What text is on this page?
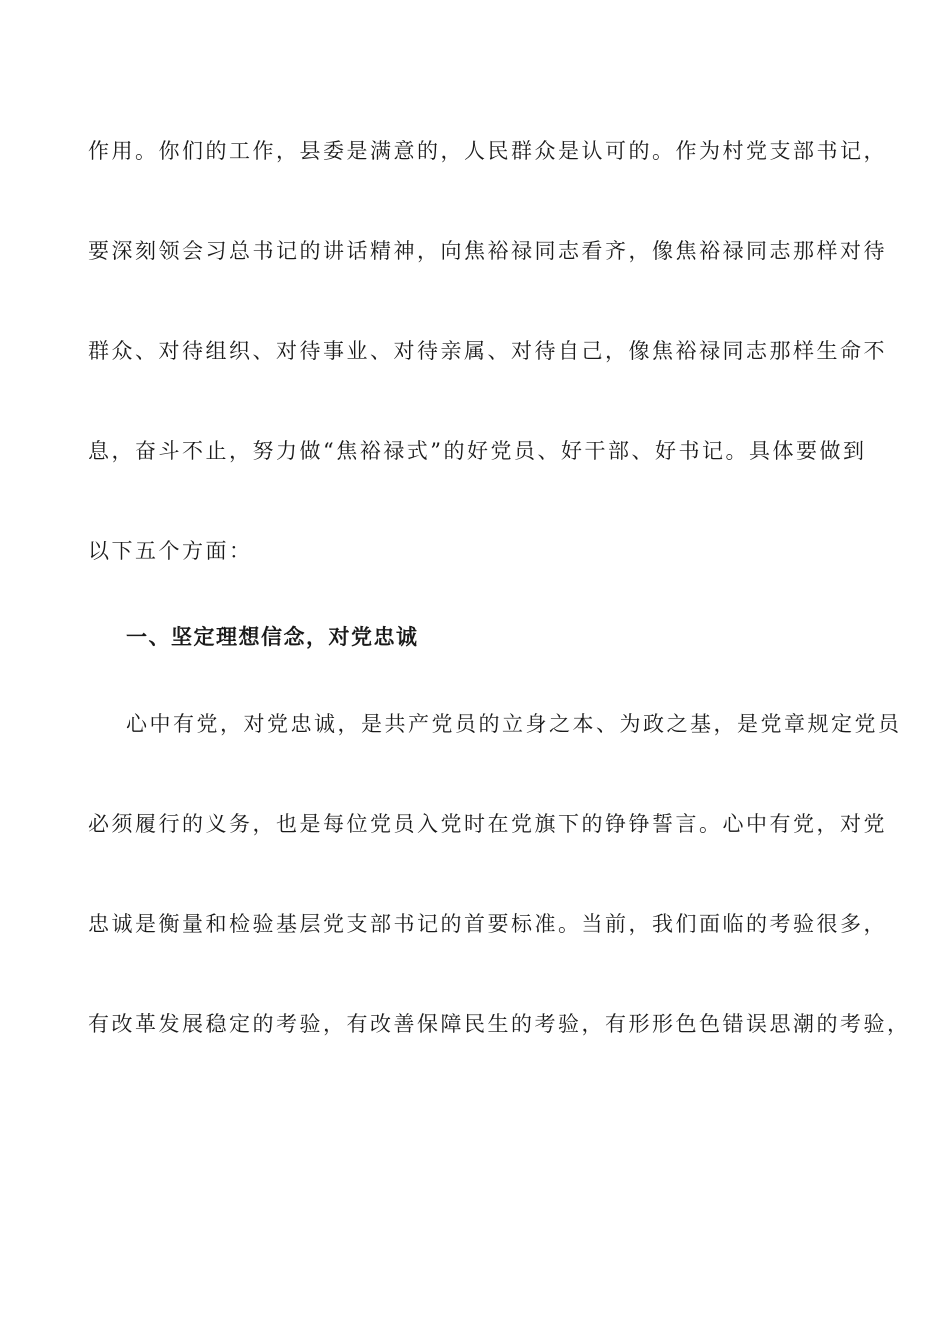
作用。你们的工作，县委是满意的，人民群众是认可的。作为村党支部书记，
要深刻领会习总书记的讲话精神，向焦裕禄同志看齐，像焦裕禄同志那样对待
群众、对待组织、对待事业、对待亲属、对待自己，像焦裕禄同志那样生命不
息，奋斗不止，努力做“焦裕禄式”的好党员、好干部、好书记。具体要做到
以下五个方面：
一、坚定理想信念，对党忠诚
心中有党，对党忠诚，是共产党员的立身之本、为政之基，是党章规定党员
必须履行的义务，也是每位党员入党时在党旗下的铮铮誓言。心中有党，对党
忠诚是衡量和检验基层党支部书记的首要标准。当前，我们面临的考验很多，
有改革发展稳定的考验，有改善保障民生的考验，有形形色色错误思潮的考验，
